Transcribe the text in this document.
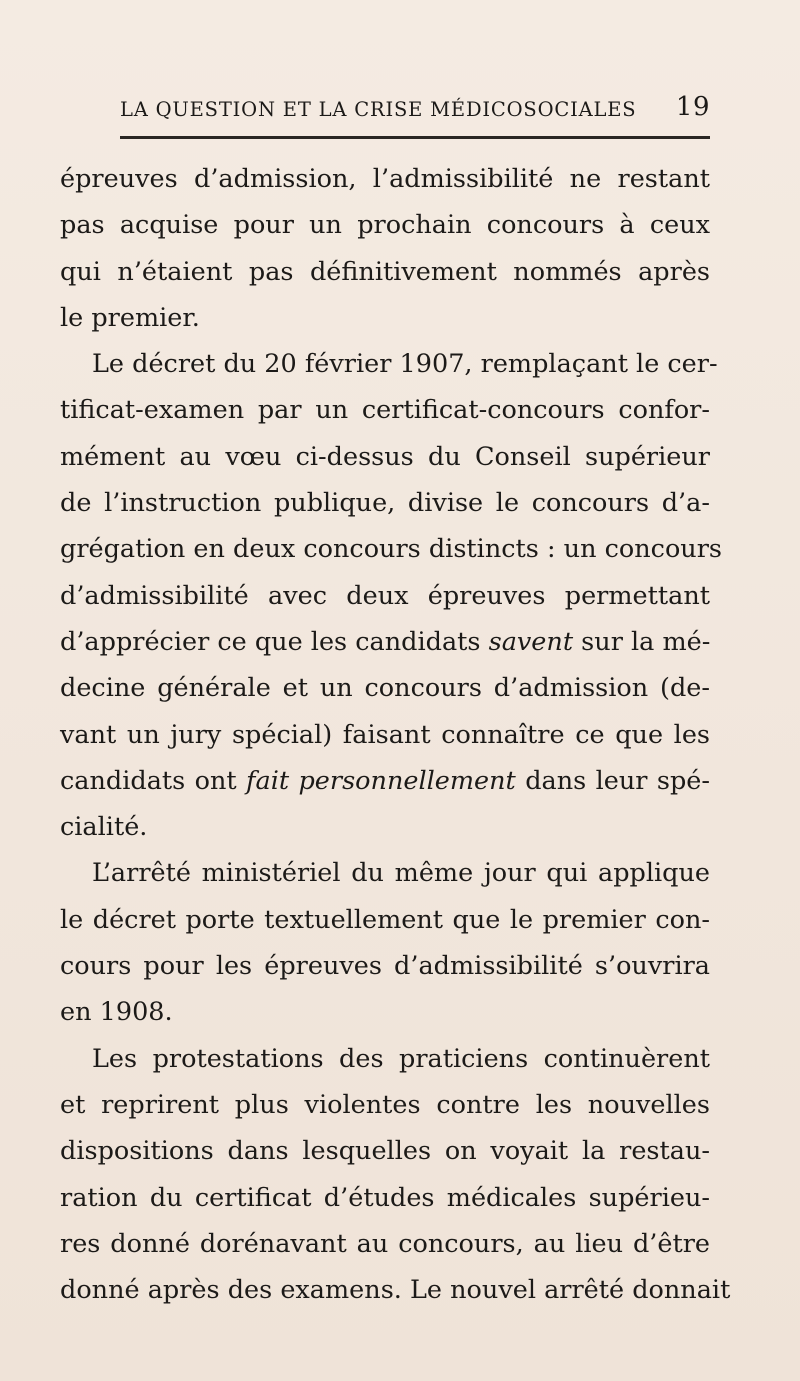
LA QUESTION ET LA CRISE MÉDICOSOCIALES 19
épreuves d’admission, l’admissibilité ne restant
pas acquise pour un prochain concours à ceux
qui n’étaient pas définitivement nommés après
le premier.
Le décret du 20 février 1907, remplaçant le cer-
tificat-examen par un certificat-concours confor-
mément au vœu ci-dessus du Conseil supérieur
de l’instruction publique, divise le concours d’a-
grégation en deux concours distincts : un concours
d’admissibilité avec deux épreuves permettant
d’apprécier ce que les candidats savent sur la mé-
decine générale et un concours d’admission (de-
vant un jury spécial) faisant connaître ce que les
candidats ont fait personnellement dans leur spé-
cialité.
L’arrêté ministériel du même jour qui applique
le décret porte textuellement que le premier con-
cours pour les épreuves d’admissibilité s’ouvrira
en 1908.
Les protestations des praticiens continuèrent
et reprirent plus violentes contre les nouvelles
dispositions dans lesquelles on voyait la restau-
ration du certificat d’études médicales supérieu-
res donné dorénavant au concours, au lieu d’être
donné après des examens. Le nouvel arrêté donnait
